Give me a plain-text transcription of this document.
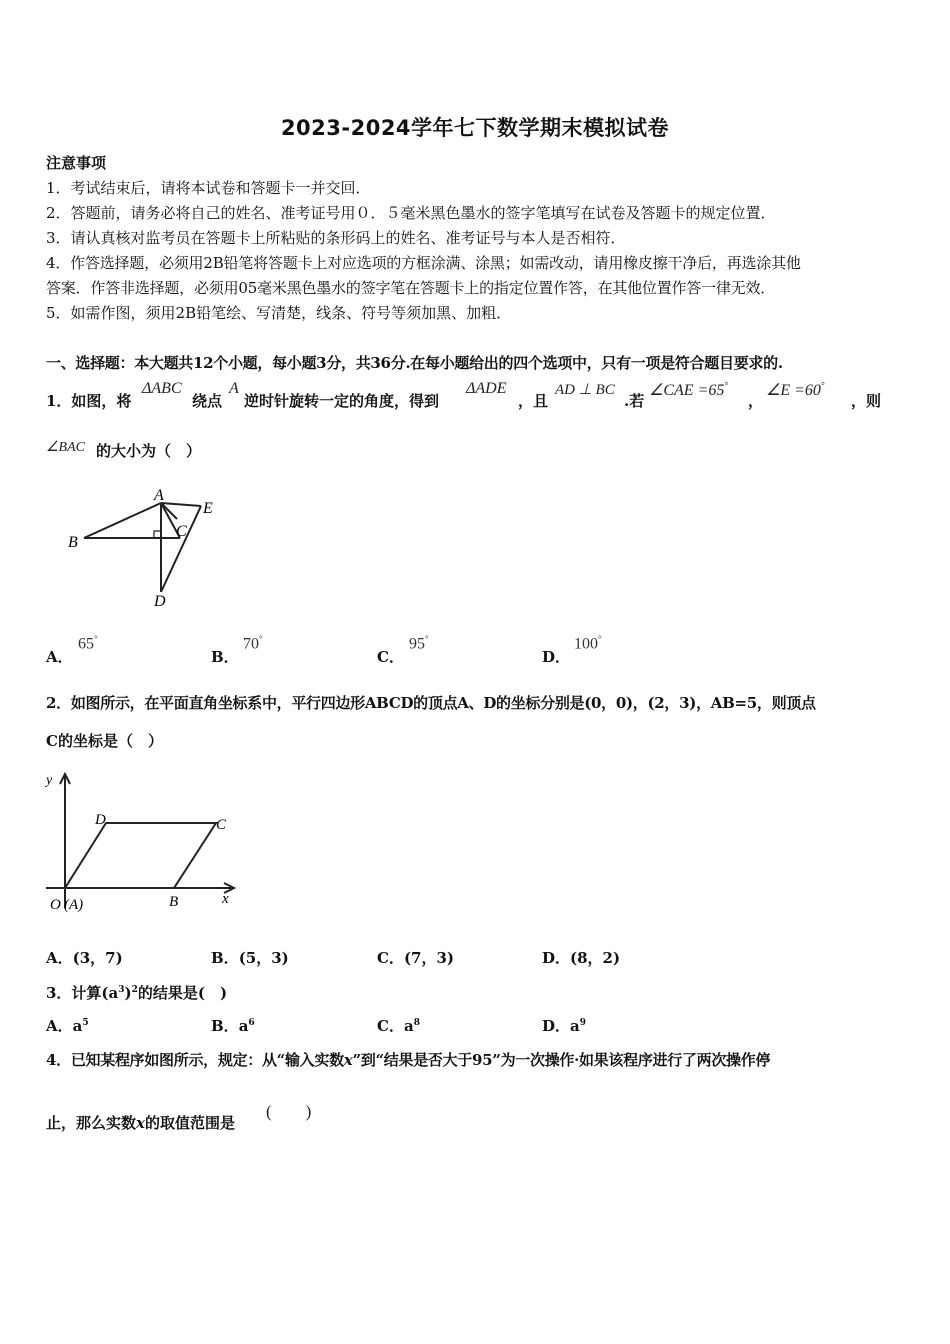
2023-2024学年七下数学期末模拟试卷
注意事项
1．考试结束后，请将本试卷和答题卡一并交回．
2．答题前，请务必将自己的姓名、准考证号用０．５毫米黑色墨水的签字笔填写在试卷及答题卡的规定位置．
3．请认真核对监考员在答题卡上所粘贴的条形码上的姓名、准考证号与本人是否相符．
4．作答选择题，必须用2B铅笔将答题卡上对应选项的方框涂满、涂黑；如需改动，请用橡皮擦干净后，再选涂其他
答案．作答非选择题，必须用05毫米黑色墨水的签字笔在答题卡上的指定位置作答，在其他位置作答一律无效．
5．如需作图，须用2B铅笔绘、写清楚，线条、符号等须加黑、加粗．
一、选择题：本大题共12个小题，每小题3分，共36分.在每小题给出的四个选项中，只有一项是符合题目要求的.
1．如图，将
ΔABC
绕点
A
逆时针旋转一定的角度，得到
ΔADE
，且
AD ⊥ BC
.若
∠CAE =65°
，
∠E =60°
，则
∠BAC 的大小为（　）
A
B
C
D
E
A．
65°
B．
70°
C．
95°
D．
100°
2．如图所示，在平面直角坐标系中，平行四边形ABCD的顶点A、D的坐标分别是(0，0)，(2，3)，AB=5，则顶点
C的坐标是（　）
y
x
D	C
B
O (A)
A．(3，7)	B．(5，3)	C．(7，3)	D．(8，2)
3．计算$(a^3)^2$的结果是(　)
A．$a^5$	B．$a^6$	C．$a^8$	D．$a^9$
4．已知某程序如图所示，规定：从“输入实数x”到“结果是否大于95”为一次操作·如果该程序进行了两次操作停
止，那么实数x的取值范围是
(　　)
